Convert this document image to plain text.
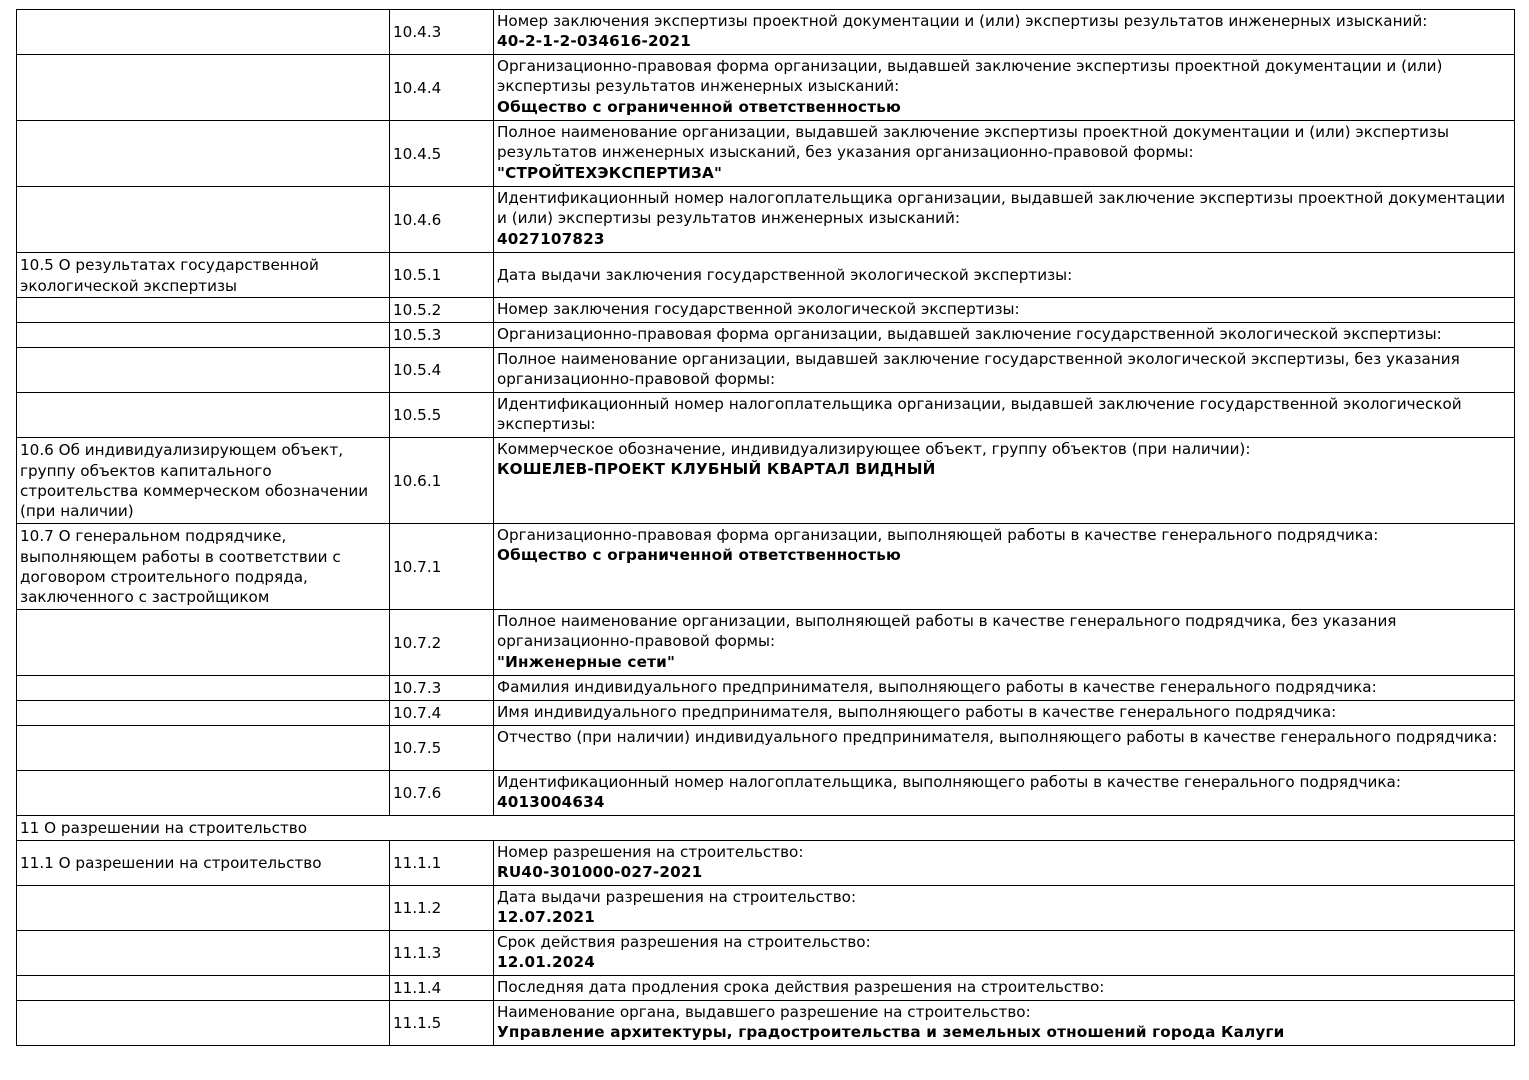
	10.4.3	Номер заключения экспертизы проектной документации и (или) экспертизы результатов инженерных изысканий:
40-2-1-2-034616-2021

	10.4.4	Организационно-правовая форма организации, выдавшей заключение экспертизы проектной документации и (или) экспертизы результатов инженерных изысканий:
Общество с ограниченной ответственностью

	10.4.5	Полное наименование организации, выдавшей заключение экспертизы проектной документации и (или) экспертизы результатов инженерных изысканий, без указания организационно-правовой формы:
"СТРОЙТЕХЭКСПЕРТИЗА"

	10.4.6	Идентификационный номер налогоплательщика организации, выдавшей заключение экспертизы проектной документации и (или) экспертизы результатов инженерных изысканий:
4027107823

10.5 О результатах государственной экологической экспертизы	10.5.1	Дата выдачи заключения государственной экологической экспертизы:

	10.5.2	Номер заключения государственной экологической экспертизы:

	10.5.3	Организационно-правовая форма организации, выдавшей заключение государственной экологической экспертизы:

	10.5.4	Полное наименование организации, выдавшей заключение государственной экологической экспертизы, без указания организационно-правовой формы:

	10.5.5	Идентификационный номер налогоплательщика организации, выдавшей заключение государственной экологической экспертизы:

10.6 Об индивидуализирующем объект, группу объектов капитального строительства коммерческом обозначении (при наличии)	10.6.1	Коммерческое обозначение, индивидуализирующее объект, группу объектов (при наличии):
КОШЕЛЕВ-ПРОЕКТ КЛУБНЫЙ КВАРТАЛ ВИДНЫЙ

10.7 О генеральном подрядчике, выполняющем работы в соответствии с договором строительного подряда, заключенного с застройщиком	10.7.1	Организационно-правовая форма организации, выполняющей работы в качестве генерального подрядчика:
Общество с ограниченной ответственностью

	10.7.2	Полное наименование организации, выполняющей работы в качестве генерального подрядчика, без указания организационно-правовой формы:
"Инженерные сети"

	10.7.3	Фамилия индивидуального предпринимателя, выполняющего работы в качестве генерального подрядчика:

	10.7.4	Имя индивидуального предпринимателя, выполняющего работы в качестве генерального подрядчика:

	10.7.5	Отчество (при наличии) индивидуального предпринимателя, выполняющего работы в качестве генерального подрядчика:

	10.7.6	Идентификационный номер налогоплательщика, выполняющего работы в качестве генерального подрядчика:
4013004634

11 О разрешении на строительство		
11.1 О разрешении на строительство	11.1.1	Номер разрешения на строительство:
RU40-301000-027-2021

	11.1.2	Дата выдачи разрешения на строительство:
12.07.2021

	11.1.3	Срок действия разрешения на строительство:
12.01.2024

	11.1.4	Последняя дата продления срока действия разрешения на строительство:

	11.1.5	Наименование органа, выдавшего разрешение на строительство:
Управление архитектуры, градостроительства и земельных отношений города Калуги
